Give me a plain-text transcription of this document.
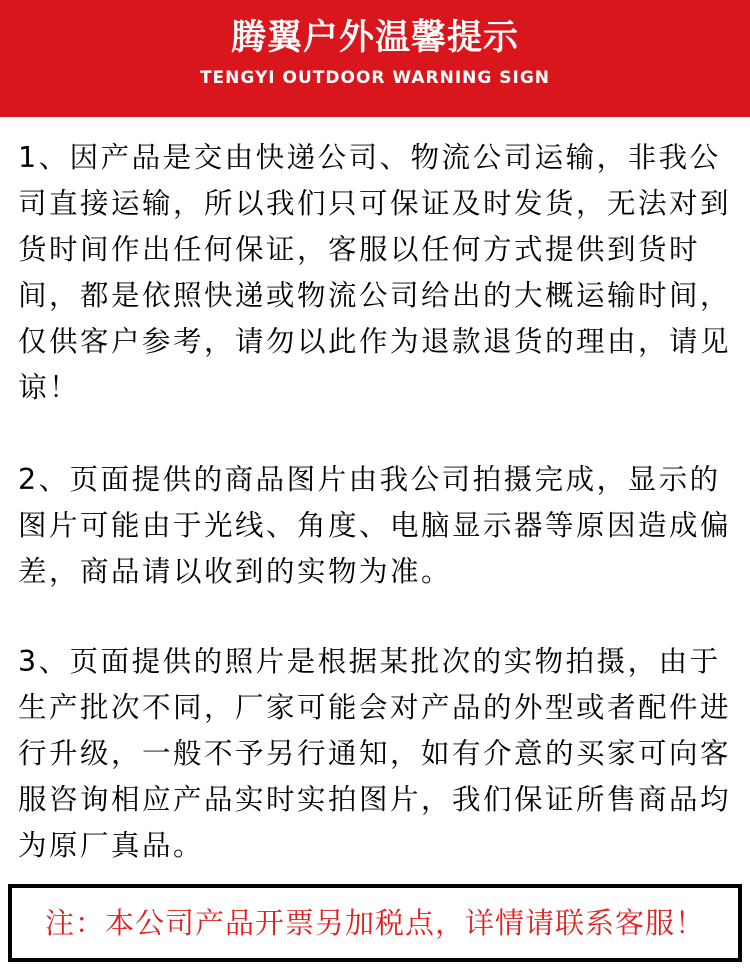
腾翼户外温馨提示
TENGYI OUTDOOR WARNING SIGN

1、因产品是交由快递公司、物流公司运输，非我公司直接运输，所以我们只可保证及时发货，无法对到货时间作出任何保证，客服以任何方式提供到货时间，都是依照快递或物流公司给出的大概运输时间，仅供客户参考，请勿以此作为退款退货的理由，请见谅！

2、页面提供的商品图片由我公司拍摄完成，显示的图片可能由于光线、角度、电脑显示器等原因造成偏差，商品请以收到的实物为准。

3、页面提供的照片是根据某批次的实物拍摄，由于生产批次不同，厂家可能会对产品的外型或者配件进行升级，一般不予另行通知，如有介意的买家可向客服咨询相应产品实时实拍图片，我们保证所售商品均为原厂真品。

注：本公司产品开票另加税点，详情请联系客服！
